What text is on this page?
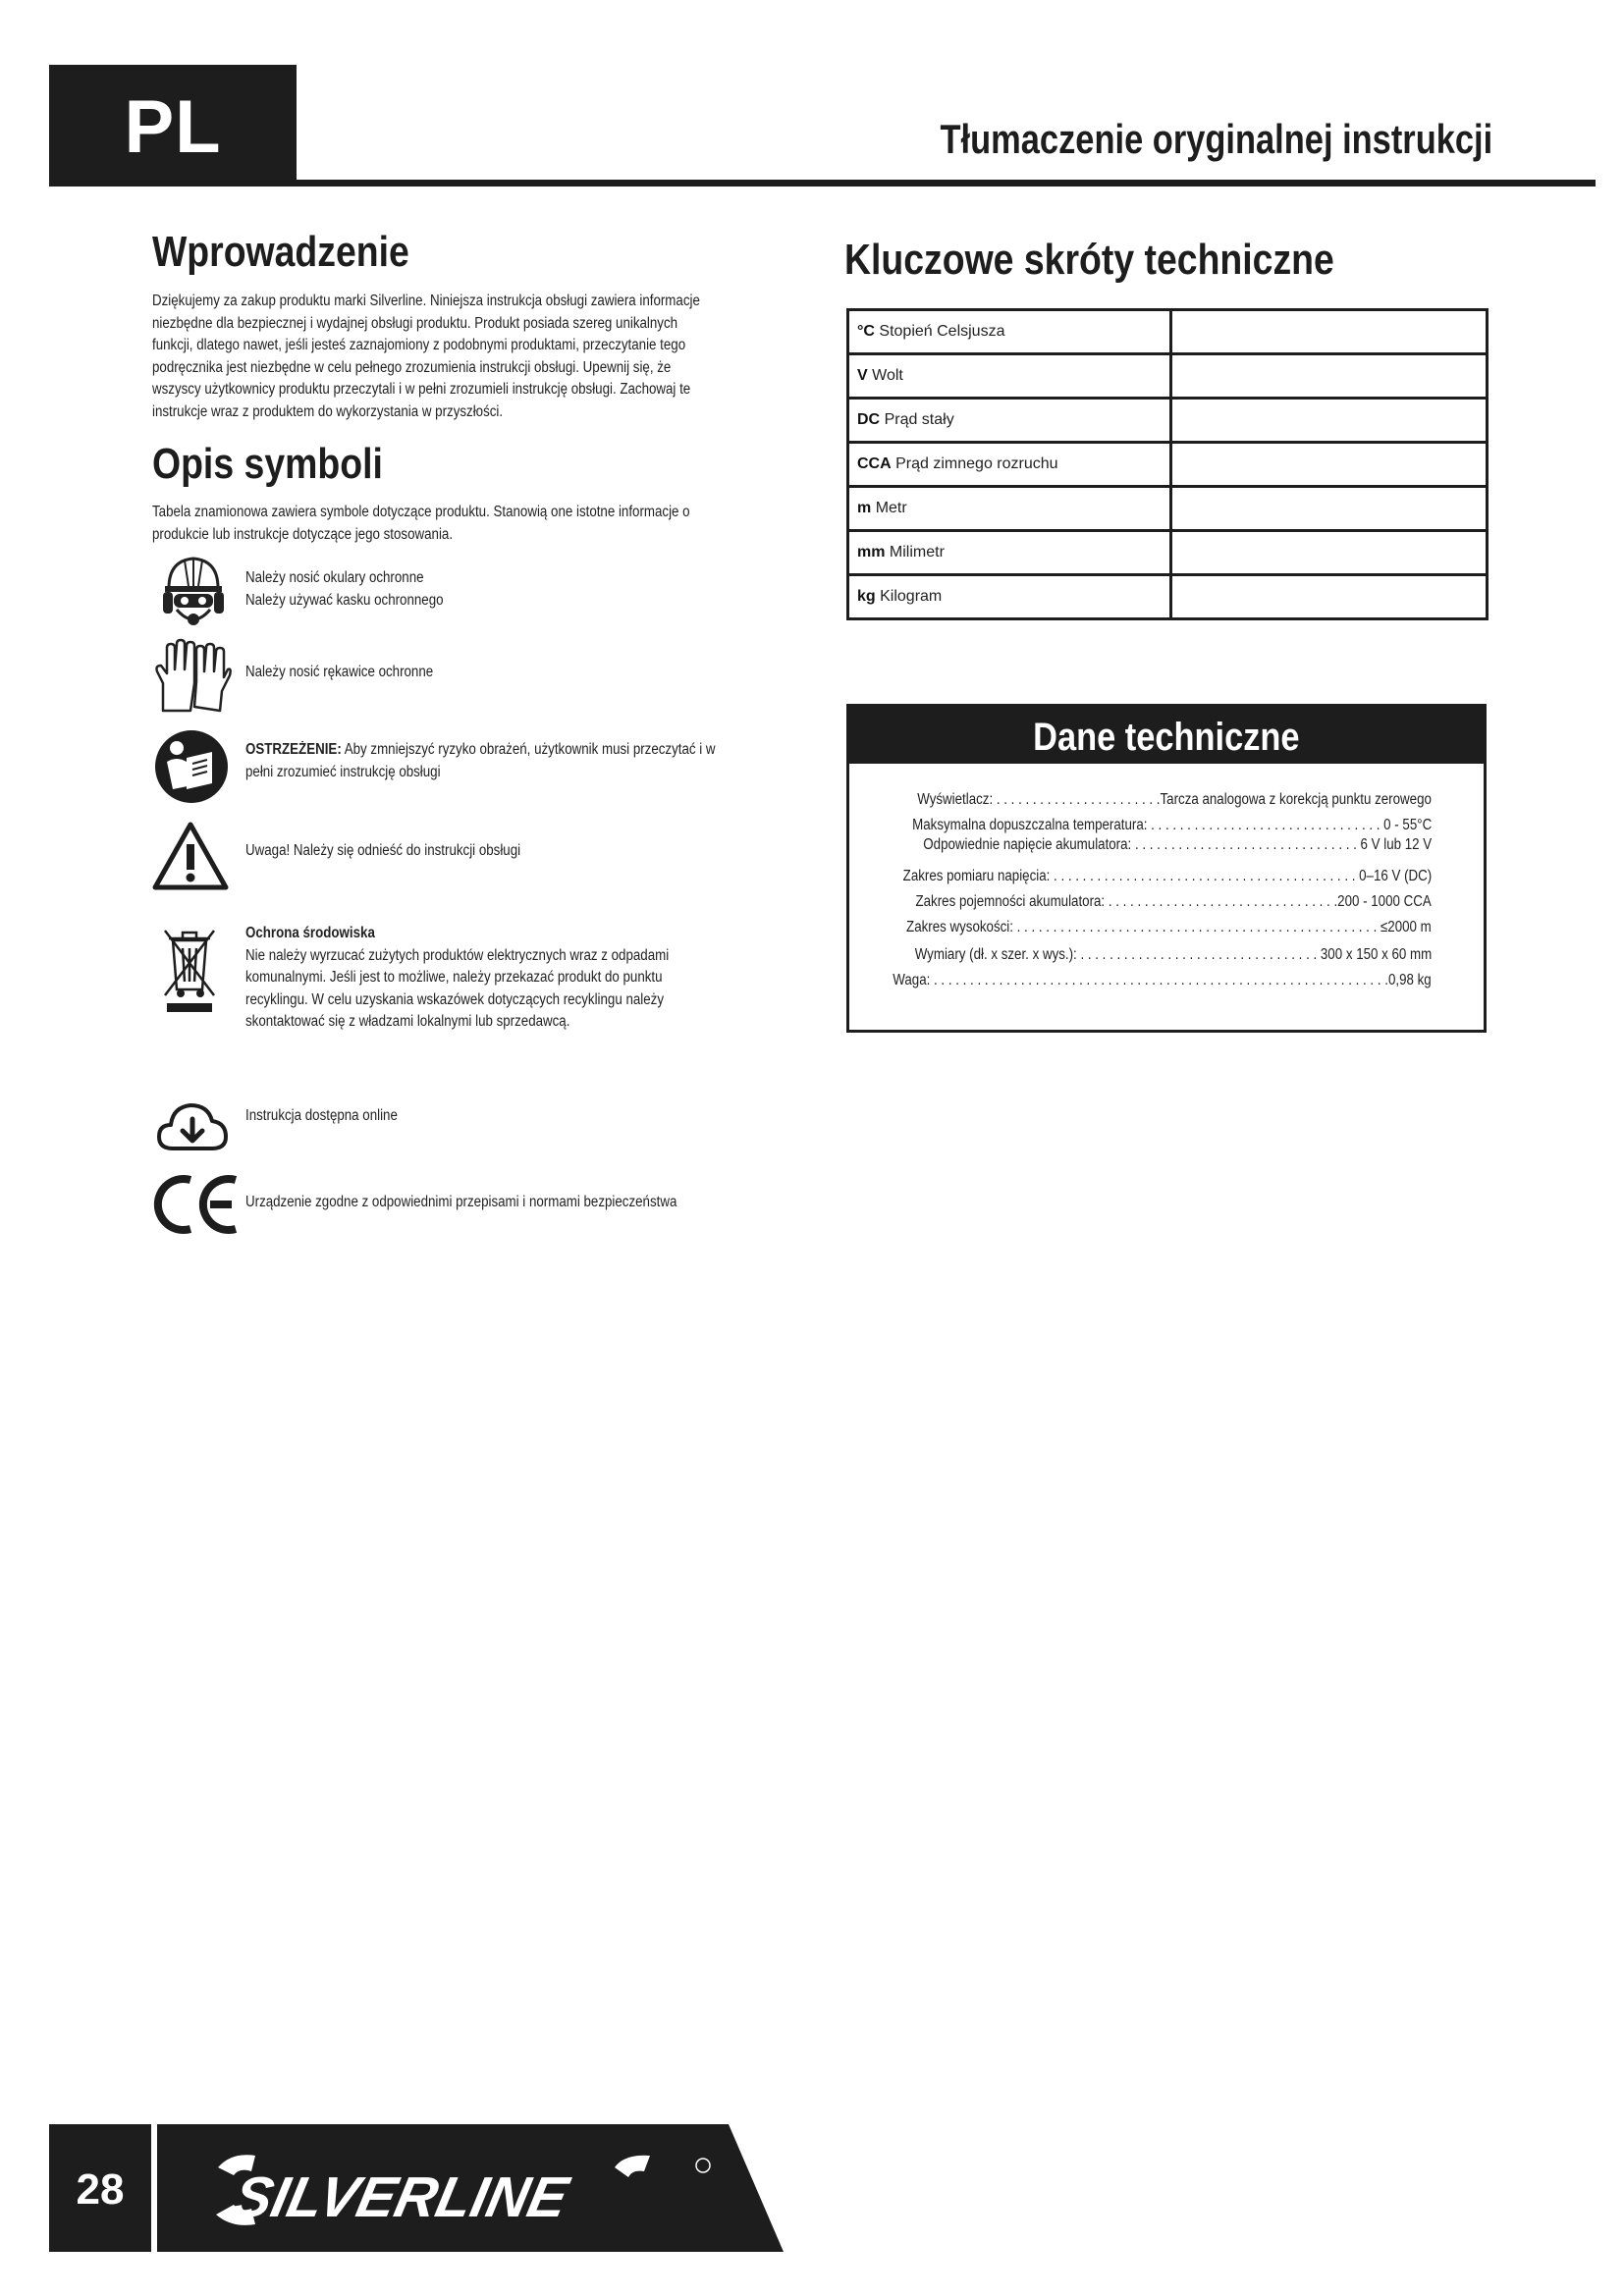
PL	Tłumaczenie oryginalnej instrukcji
Wprowadzenie
Dziękujemy za zakup produktu marki Silverline. Niniejsza instrukcja obsługi zawiera informacje
niezbędne dla bezpiecznej i wydajnej obsługi produktu. Produkt posiada szereg unikalnych
funkcji, dlatego nawet, jeśli jesteś zaznajomiony z podobnymi produktami, przeczytanie tego
podręcznika jest niezbędne w celu pełnego zrozumienia instrukcji obsługi. Upewnij się, że
wszyscy użytkownicy produktu przeczytali i w pełni zrozumieli instrukcję obsługi. Zachowaj te
instrukcje wraz z produktem do wykorzystania w przyszłości.
Opis symboli
Tabela znamionowa zawiera symbole dotyczące produktu. Stanowią one istotne informacje o
produkcie lub instrukcje dotyczące jego stosowania.
Należy nosić okulary ochronne
Należy używać kasku ochronnego
Należy nosić rękawice ochronne
OSTRZEŻENIE: Aby zmniejszyć ryzyko obrażeń, użytkownik musi przeczytać i w
pełni zrozumieć instrukcję obsługi
Uwaga! Należy się odnieść do instrukcji obsługi
Ochrona środowiska
Nie należy wyrzucać zużytych produktów elektrycznych wraz z odpadami
komunalnymi. Jeśli jest to możliwe, należy przekazać produkt do punktu
recyklingu. W celu uzyskania wskazówek dotyczących recyklingu należy
skontaktować się z władzami lokalnymi lub sprzedawcą.
Instrukcja dostępna online
Urządzenie zgodne z odpowiednimi przepisami i normami bezpieczeństwa
Kluczowe skróty techniczne
°C Stopień Celsjusza	
V Wolt	
DC Prąd stały	
CCA Prąd zimnego rozruchu	
m Metr	
mm Milimetr	
kg Kilogram	
Dane techniczne
Wyświetlacz: . . . . . . . . . . . . . . . . . . . . . . .Tarcza analogowa z korekcją punktu zerowego
Maksymalna dopuszczalna temperatura: . . . . . . . . . . . . . . . . . . . . . . . . . . . . . . . . 0 - 55°C
Odpowiednie napięcie akumulatora: . . . . . . . . . . . . . . . . . . . . . . . . . . . . . . . 6 V lub 12 V
Zakres pomiaru napięcia: . . . . . . . . . . . . . . . . . . . . . . . . . . . . . . . . . . . . . . . . . . 0–16 V (DC)
Zakres pojemności akumulatora: . . . . . . . . . . . . . . . . . . . . . . . . . . . . . . . .200 - 1000 CCA
Zakres wysokości: . . . . . . . . . . . . . . . . . . . . . . . . . . . . . . . . . . . . . . . . . . . . . . . . . . ≤2000 m
Wymiary (dł. x szer. x wys.): . . . . . . . . . . . . . . . . . . . . . . . . . . . . . . . . . 300 x 150 x 60 mm
Waga: . . . . . . . . . . . . . . . . . . . . . . . . . . . . . . . . . . . . . . . . . . . . . . . . . . . . . . . . . . . . . . .0,98 kg
28	SILVERLINE
